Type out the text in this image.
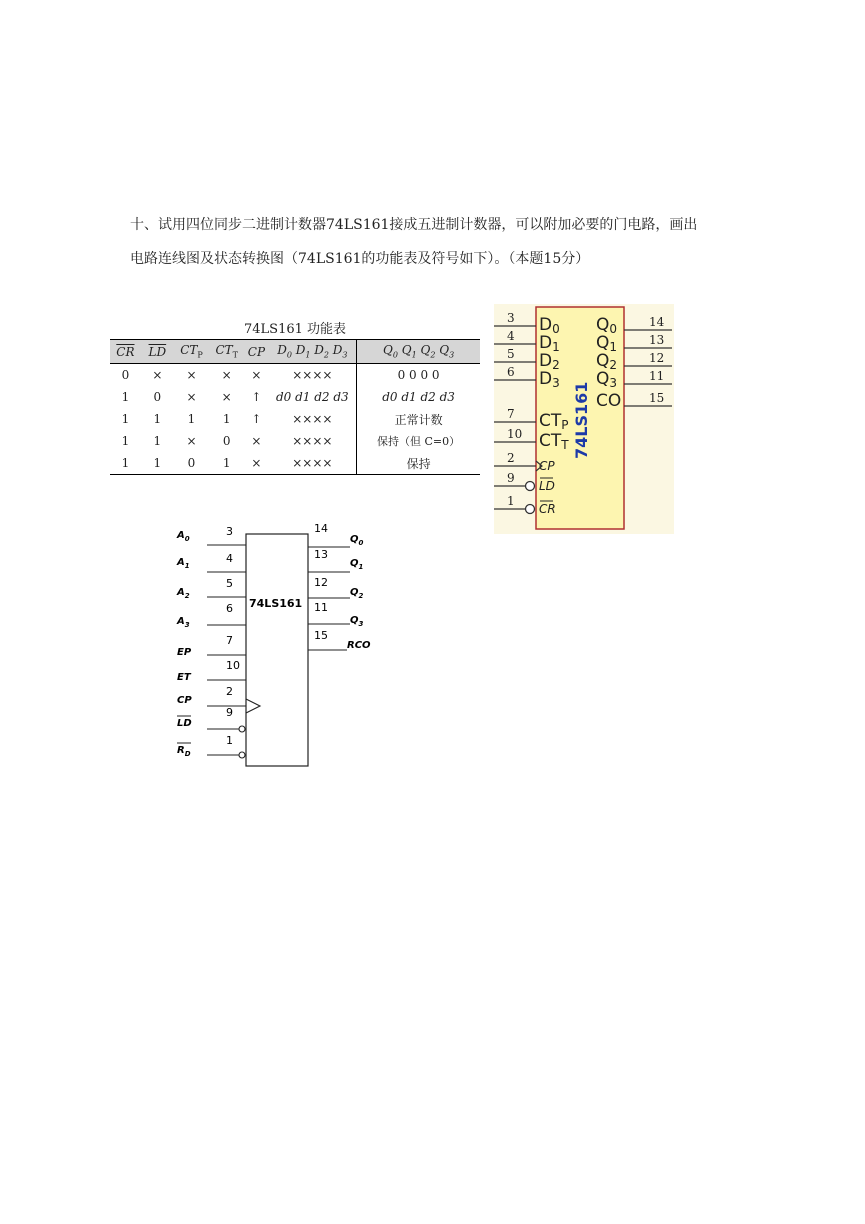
十、试用四位同步二进制计数器74LS161接成五进制计数器，可以附加必要的门电路，画出

电路连线图及状态转换图（74LS161的功能表及符号如下）。（本题15分）

74LS161 功能表
$\overline{CR}$	$\overline{LD}$	$CT_P$	$CT_T$	CP	$D_0$ $D_1$ $D_2$ $D_3$	$Q_0$ $Q_1$ $Q_2$ $Q_3$
0	×	×	×	×	××××	0 0 0 0
1	0	×	×	↑	d0 d1 d2 d3	d0 d1 d2 d3
1	1	1	1	↑	××××	正常计数
1	1	×	0	×	××××	保持（但 C=0）
1	1	0	1	×	××××	保持
74LS161
3 D0
4 D1
5 D2
6 D3
7 CTP
10 CTT
2
CP
9
LD
1
CR
14
Q0
13
Q1
12
Q2
11
Q3
15
CO
74LS161
3
$A_0$
4
$A_1$
5
$A_2$
6
$A_3$
7
EP
10
ET
2
CP
9
LD
1
$R_D$
14
$Q_0$
13
$Q_1$
12
$Q_2$
11
$Q_3$
15
RCO
